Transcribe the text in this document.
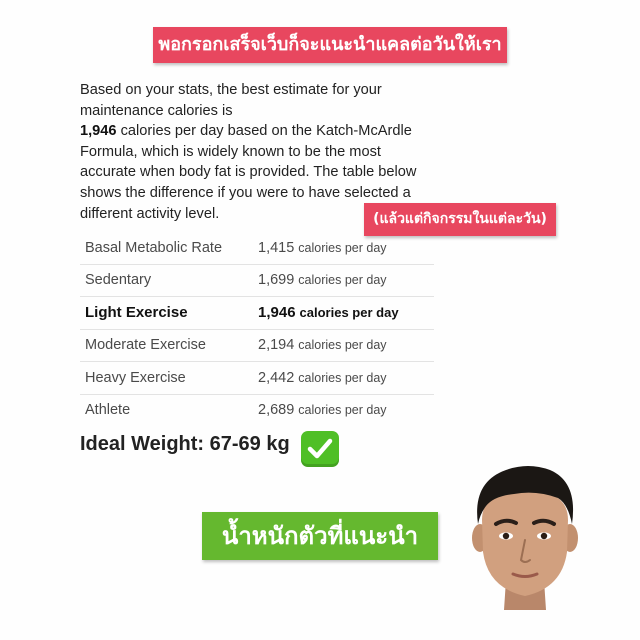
พอกรอกเสร็จเว็บก็จะแนะนำแคลต่อวันให้เรา

Based on your stats, the best estimate for your maintenance calories is
1,946 calories per day based on the Katch-McArdle Formula, which is widely known to be the most accurate when body fat is provided. The table below shows the difference if you were to have selected a different activity level.	(แล้วแต่กิจกรรมในแต่ละวัน)
Basal Metabolic Rate	1,415 calories per day
Sedentary	1,699 calories per day
Light Exercise	1,946 calories per day
Moderate Exercise	2,194 calories per day
Heavy Exercise	2,442 calories per day
Athlete	2,689 calories per day
Ideal Weight: 67-69 kg
น้ำหนักตัวที่แนะนำ
